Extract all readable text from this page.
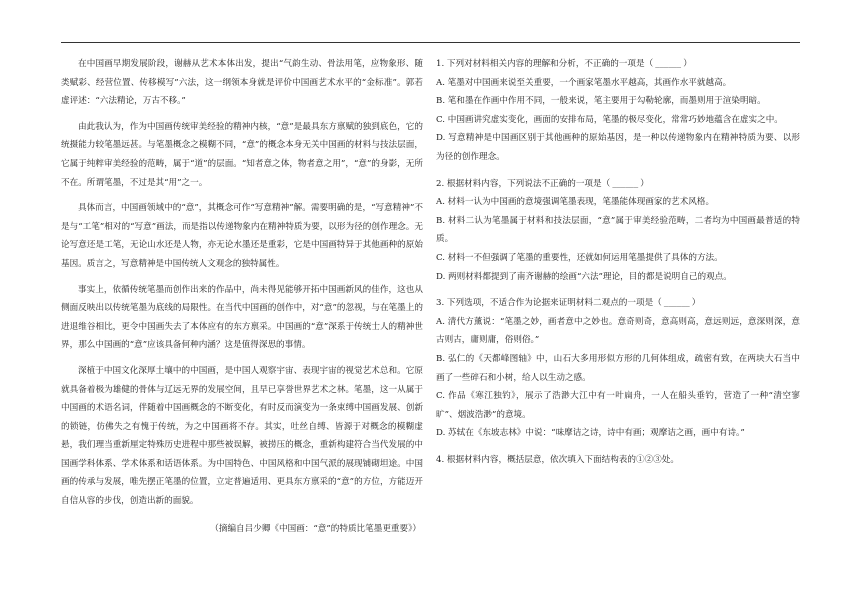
在中国画早期发展阶段，谢赫从艺术本体出发，提出“气韵生动、骨法用笔，应物象形、随类赋彩、经营位置、传移模写”六法，这一纲领本身就是评价中国画艺术水平的“金标准”。郭若虚评述：“六法精论，万古不移。”

由此我认为，作为中国画传统审美经验的精神内核，“意”是最具东方禀赋的独到底色，它的统摄能力较笔墨远甚。与笔墨概念之模糊不同，“意”的概念本身无关中国画的材料与技法层面，它属于纯粹审美经验的范畴，属于“道”的层面。“知者意之体，物者意之用”，“意”的身影，无所不在。所谓笔墨，不过是其“用”之一。

具体而言，中国画领域中的“意”，其概念可作“写意精神”解。需要明确的是，“写意精神”不是与“工笔”相对的“写意”画法，而是指以传递物象内在精神特质为要，以形为径的创作理念。无论写意还是工笔，无论山水还是人物，亦无论水墨还是重彩，它是中国画特异于其他画种的原始基因。质言之，写意精神是中国传统人文观念的独特属性。

事实上，依循传统笔墨而创作出来的作品中，尚未得见能够开拓中国画新风的佳作，这也从侧面反映出以传统笔墨为底线的局限性。在当代中国画的创作中，对“意”的忽视，与在笔墨上的进退维谷相比，更令中国画失去了本体应有的东方禀采。中国画的“意”深系于传统士人的精神世界，那么中国画的“意”应该具备何种内涵？这是值得深思的事情。

深植于中国文化深厚土壤中的中国画，是中国人观察宇宙、表现宇宙的视觉艺术总和。它原就具备着极为雄健的骨体与辽远无界的发展空间，且早已享誉世界艺术之林。笔墨，这一从属于中国画的术语名词，伴随着中国画概念的不断变化，有时反而演变为一条束缚中国画发展、创新的锁链，仿佛失之有愧于传统，为之中国画将不存。其实，吐丝自缚、皆源于对概念的模糊虚悬，我们理当重新厘定特殊历史进程中那些被误解，被捞压的概念，重新构建符合当代发展的中国画学科体系、学术体系和话语体系。为中国特色、中国风格和中国气派的展现铺砌坦途。中国画的传承与发展，唯先摆正笔墨的位置，立定普遍适用、更具东方禀采的“意”的方位，方能迈开自信从容的步伐，创造出新的面貌。

（摘编自吕少卿《中国画：“意”的特质比笔墨更重要》）

1. 下列对材料相关内容的理解和分析，不正确的一项是（ ______ ）

A. 笔墨对中国画来说至关重要，一个画家笔墨水平越高，其画作水平就越高。

B. 笔和墨在作画中作用不同，一般来说，笔主要用于勾勒轮廓，而墨则用于渲染明暗。

C. 中国画讲究虚实变化，画面的安排布局，笔墨的极尽变化，常常巧妙地蕴含在虚实之中。

D. 写意精神是中国画区别于其他画种的原始基因，是一种以传递物象内在精神特质为要、以形为径的创作理念。

2. 根据材料内容，下列说法不正确的一项是（ ______ ）

A. 材料一认为中国画的意境强调笔墨表现，笔墨能体现画家的艺术风格。

B. 材料二认为笔墨属于材料和技法层面，“意”属于审美经验范畴，二者均为中国画最普适的特质。

C. 材料一不但强调了笔墨的重要性，还就如何运用笔墨提供了具体的方法。

D. 两则材料都提到了南齐谢赫的绘画“六法”理论，目的都是说明自己的观点。

3. 下列选项，不适合作为论据来证明材料二观点的一项是（ ______ ）

A. 清代方薰说：“笔墨之妙，画者意中之妙也。意奇则奇，意高则高，意远则远，意深则深，意古则古，庸则庸，俗则俗。”

B. 弘仁的《天都峰图轴》中，山石大多用形似方形的几何体组成，疏密有致，在两块大石当中画了一些碎石和小树，给人以生动之感。

C. 作品《寒江独钓》，展示了浩渺大江中有一叶扁舟，一人在船头垂钓，营造了一种“清空寥旷”、烟波浩渺”的意境。

D. 苏轼在《东坡志林》中说：“味摩诘之诗，诗中有画；观摩诘之画，画中有诗。”

4. 根据材料内容，概括层意，依次填入下面结构表的①②③处。
